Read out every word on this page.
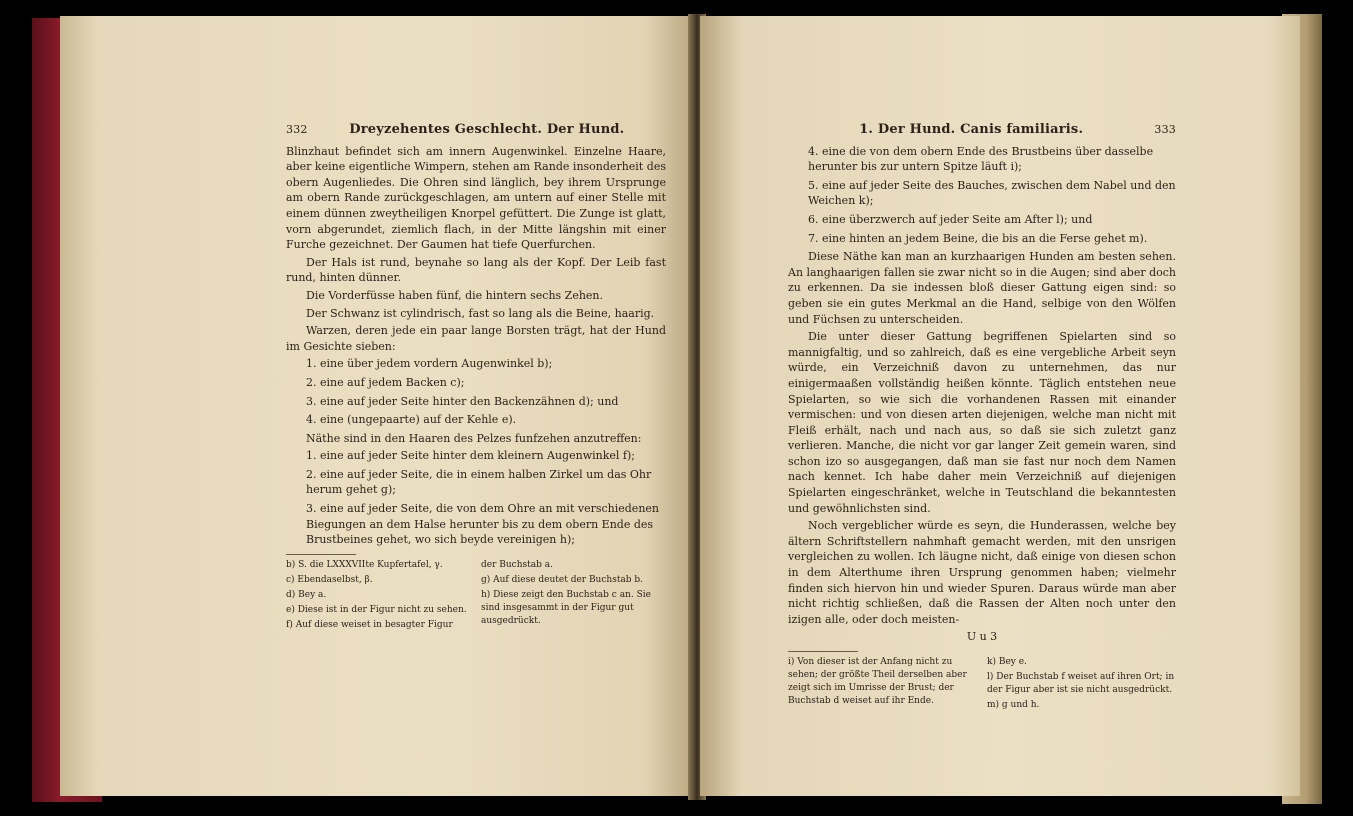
332	Dreyzehentes Geschlecht. Der Hund.

Blinzhaut befindet sich am innern Augenwinkel. Einzelne Haare, aber keine eigentliche Wimpern, stehen am Rande insonderheit des obern Augenliedes. Die Ohren sind länglich, bey ihrem Ursprunge am obern Rande zurückgeschlagen, am untern auf einer Stelle mit einem dünnen zweytheiligen Knorpel gefüttert. Die Zunge ist glatt, vorn abgerundet, ziemlich flach, in der Mitte längshin mit einer Furche gezeichnet. Der Gaumen hat tiefe Querfurchen.

Der Hals ist rund, beynahe so lang als der Kopf. Der Leib fast rund, hinten dünner.

Die Vorderfüsse haben fünf, die hintern sechs Zehen.

Der Schwanz ist cylindrisch, fast so lang als die Beine, haarig.

Warzen, deren jede ein paar lange Borsten trägt, hat der Hund im Gesichte sieben:

1. eine über jedem vordern Augenwinkel b);
2. eine auf jedem Backen c);
3. eine auf jeder Seite hinter den Backenzähnen d); und
4. eine (ungepaarte) auf der Kehle e).

Näthe sind in den Haaren des Pelzes funfzehen anzutreffen:

1. eine auf jeder Seite hinter dem kleinern Augenwinkel f);
2. eine auf jeder Seite, die in einem halben Zirkel um das Ohr herum gehet g);
3. eine auf jeder Seite, die von dem Ohre an mit verschiedenen Biegungen an dem Halse herunter bis zu dem obern Ende des Brustbeines gehet, wo sich beyde vereinigen h);
b) S. die LXXXVIIte Kupfertafel, γ.
c) Ebendaselbst, β.
d) Bey a.
e) Diese ist in der Figur nicht zu sehen.
f) Auf diese weiset in besagter Figur
der Buchstab a.
g) Auf diese deutet der Buchstab b.
h) Diese zeigt den Buchstab c an. Sie sind insgesammt in der Figur gut ausgedrückt.
1. Der Hund. Canis familiaris.	333
4. eine die von dem obern Ende des Brustbeins über dasselbe herunter bis zur untern Spitze läuft i);
5. eine auf jeder Seite des Bauches, zwischen dem Nabel und den Weichen k);
6. eine überzwerch auf jeder Seite am After l); und
7. eine hinten an jedem Beine, die bis an die Ferse gehet m).

Diese Näthe kan man an kurzhaarigen Hunden am besten sehen. An langhaarigen fallen sie zwar nicht so in die Augen; sind aber doch zu erkennen. Da sie indessen bloß dieser Gattung eigen sind: so geben sie ein gutes Merkmal an die Hand, selbige von den Wölfen und Füchsen zu unterscheiden.

Die unter dieser Gattung begriffenen Spielarten sind so mannigfaltig, und so zahlreich, daß es eine vergebliche Arbeit seyn würde, ein Verzeichniß davon zu unternehmen, das nur einigermaaßen vollständig heißen könnte. Täglich entstehen neue Spielarten, so wie sich die vorhandenen Rassen mit einander vermischen: und von diesen arten diejenigen, welche man nicht mit Fleiß erhält, nach und nach aus, so daß sie sich zuletzt ganz verlieren. Manche, die nicht vor gar langer Zeit gemein waren, sind schon izo so ausgegangen, daß man sie fast nur noch dem Namen nach kennet. Ich habe daher mein Verzeichniß auf diejenigen Spielarten eingeschränket, welche in Teutschland die bekanntesten und gewöhnlichsten sind.

Noch vergeblicher würde es seyn, die Hunderassen, welche bey ältern Schriftstellern nahmhaft gemacht werden, mit den unsrigen vergleichen zu wollen. Ich läugne nicht, daß einige von diesen schon in dem Alterthume ihren Ursprung genommen haben; vielmehr finden sich hiervon hin und wieder Spuren. Daraus würde man aber nicht richtig schließen, daß die Rassen der Alten noch unter den izigen alle, oder doch meisten-

U u 3
i) Von dieser ist der Anfang nicht zu sehen; der größte Theil derselben aber zeigt sich im Umrisse der Brust; der Buchstab d weiset auf ihr Ende.
k) Bey e.
l) Der Buchstab f weiset auf ihren Ort; in der Figur aber ist sie nicht ausgedrückt.
m) g und h.
